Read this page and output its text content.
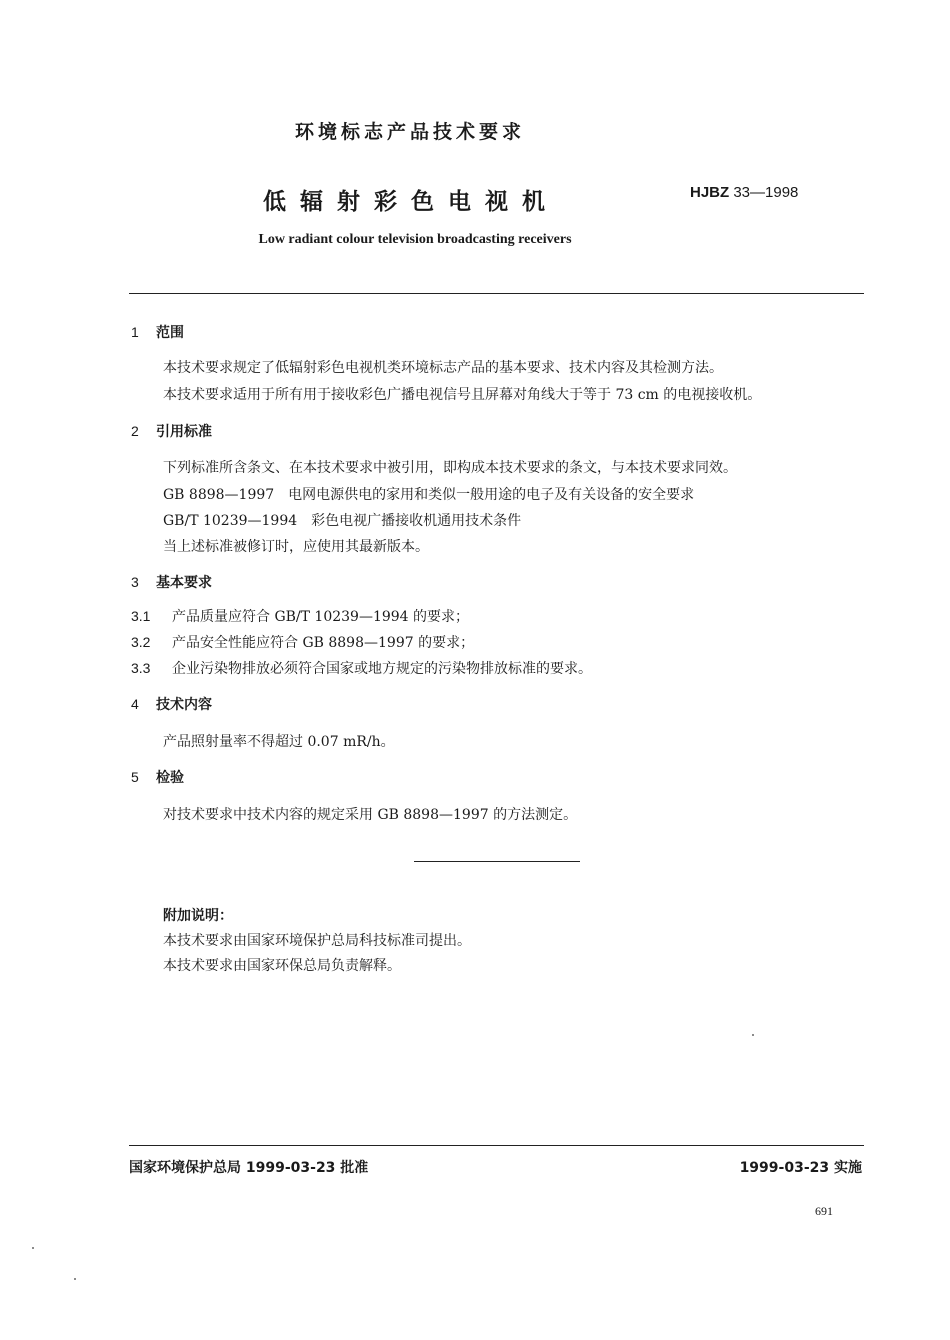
环境标志产品技术要求
低辐射彩色电视机	HJBZ 33—1998
Low radiant colour television broadcasting receivers
1 范围
本技术要求规定了低辐射彩色电视机类环境标志产品的基本要求、技术内容及其检测方法。
本技术要求适用于所有用于接收彩色广播电视信号且屏幕对角线大于等于 73 cm 的电视接收机。
2 引用标准
下列标准所含条文、在本技术要求中被引用，即构成本技术要求的条文，与本技术要求同效。
GB 8898—1997　电网电源供电的家用和类似一般用途的电子及有关设备的安全要求
GB/T 10239—1994　彩色电视广播接收机通用技术条件
当上述标准被修订时，应使用其最新版本。
3 基本要求
3.1 产品质量应符合 GB/T 10239—1994 的要求；
3.2 产品安全性能应符合 GB 8898—1997 的要求；
3.3 企业污染物排放必须符合国家或地方规定的污染物排放标准的要求。
4 技术内容
产品照射量率不得超过 0.07 mR/h。
5 检验
对技术要求中技术内容的规定采用 GB 8898—1997 的方法测定。
附加说明：
本技术要求由国家环境保护总局科技标准司提出。
本技术要求由国家环保总局负责解释。
国家环境保护总局 1999-03-23 批准	1999-03-23 实施
691
